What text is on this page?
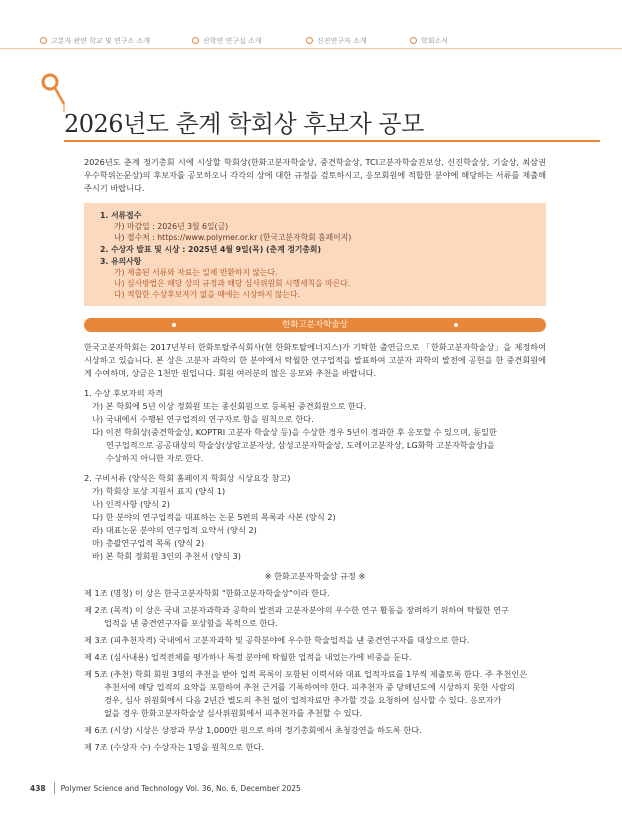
고분자 관련 학교 및 연구소 소개	산학연 연구실 소개	신진연구자 소개	학회소식
2026년도 춘계 학회상 후보자 공모

2026년도 춘계 정기총회 시에 시상할 학회상(한화고분자학술상, 중견학술상, TCI고분자학술진보상, 신진학술상, 기술상, 최삼권우수학위논문상)의 후보자를 공모하오니 각각의 상에 대한 규정을 검토하시고, 응모회원에 적합한 분야에 해당하는 서류를 제출해 주시기 바랍니다.

1. 서류접수
가) 마감일 : 2026년 3월 6일(금)
나) 접수처 : https://www.polymer.or.kr (한국고분자학회 홈페이지)
2. 수상자 발표 및 시상 : 2025년 4월 9일(목) (춘계 정기총회)
3. 유의사항
가) 제출된 서류와 자료는 일체 반환하지 않는다.
나) 심사방법은 해당 상의 규정과 해당 심사위원회 시행세칙을 따른다.
다) 적합한 수상후보자가 없을 때에는 시상하지 않는다.
한화고분자학술상

한국고분자학회는 2017년부터 한화토탈주식회사(현 한화토탈에너지스)가 기탁한 출연금으로 「한화고분자학술상」을 제정하여 시상하고 있습니다. 본 상은 고분자 과학의 한 분야에서 탁월한 연구업적을 발표하여 고분자 과학의 발전에 공헌을 한 중견회원에게 수여하며, 상금은 1천만 원입니다. 회원 여러분의 많은 응모와 추천을 바랍니다.

1. 수상 후보자의 자격
가) 본 학회에 5년 이상 정회원 또는 종신회원으로 등록된 중견회원으로 한다.
나) 국내에서 수행된 연구업적의 연구자로 함을 원칙으로 한다.
다) 이전 학회상(중견학술상, KOPTRI 고분자 학술상 등)을 수상한 경우 5년이 경과한 후 응모할 수 있으며, 동일한
연구업적으로 공공대상의 학술상(상암고분자상, 삼성고분자학술상, 도레이고분자상, LG화학 고분자학술상)을
수상하지 아니한 자로 한다.
2. 구비서류 (양식은 학회 홈페이지 학회상 시상요강 참고)
가) 학회상 포상 지원서 표지 (양식 1)
나) 인적사항 (양식 2)
다) 한 분야의 연구업적을 대표하는 논문 5편의 목록과 사본 (양식 2)
라) 대표논문 분야의 연구업적 요약서 (양식 2)
마) 총괄연구업적 목록 (양식 2)
바) 본 학회 정회원 3인의 추천서 (양식 3)
※ 한화고분자학술상 규정 ※
제 1조 (명칭) 이 상은 한국고분자학회 "한화고분자학술상"이라 한다.
제 2조 (목적) 이 상은 국내 고분자과학과 공학의 발전과 고분자분야의 우수한 연구 활동을 장려하기 위하여 탁월한 연구
업적을 낸 중견연구자를 포상함을 목적으로 한다.
제 3조 (피추천자격) 국내에서 고분자과학 및 공학분야에 우수한 학술업적을 낸 중견연구자를 대상으로 한다.
제 4조 (심사내용) 업적전체를 평가하나 특정 분야에 탁월한 업적을 내었는가에 비중을 둔다.
제 5조 (추천) 학회 회원 3명의 추천을 받아 업적 목록이 포함된 이력서와 대표 업적자료를 1부씩 제출토록 한다. 주 추천인은
추천서에 해당 업적의 요약을 포함하여 추천 근거를 기록하여야 한다. 피추천자 중 당해년도에 시상하지 못한 사람의
경우, 심사 위원회에서 다음 2년간 별도의 추천 없이 업적자료만 추가할 것을 요청하여 심사할 수 있다. 응모자가
없을 경우 한화고분자학술상 심사위원회에서 피추천자를 추천할 수 있다.
제 6조 (시상) 시상은 상장과 부상 1,000만 원으로 하며 정기총회에서 초청강연을 하도록 한다.
제 7조 (수상자 수) 수상자는 1명을 원칙으로 한다.
438 Polymer Science and Technology Vol. 36, No. 6, December 2025
